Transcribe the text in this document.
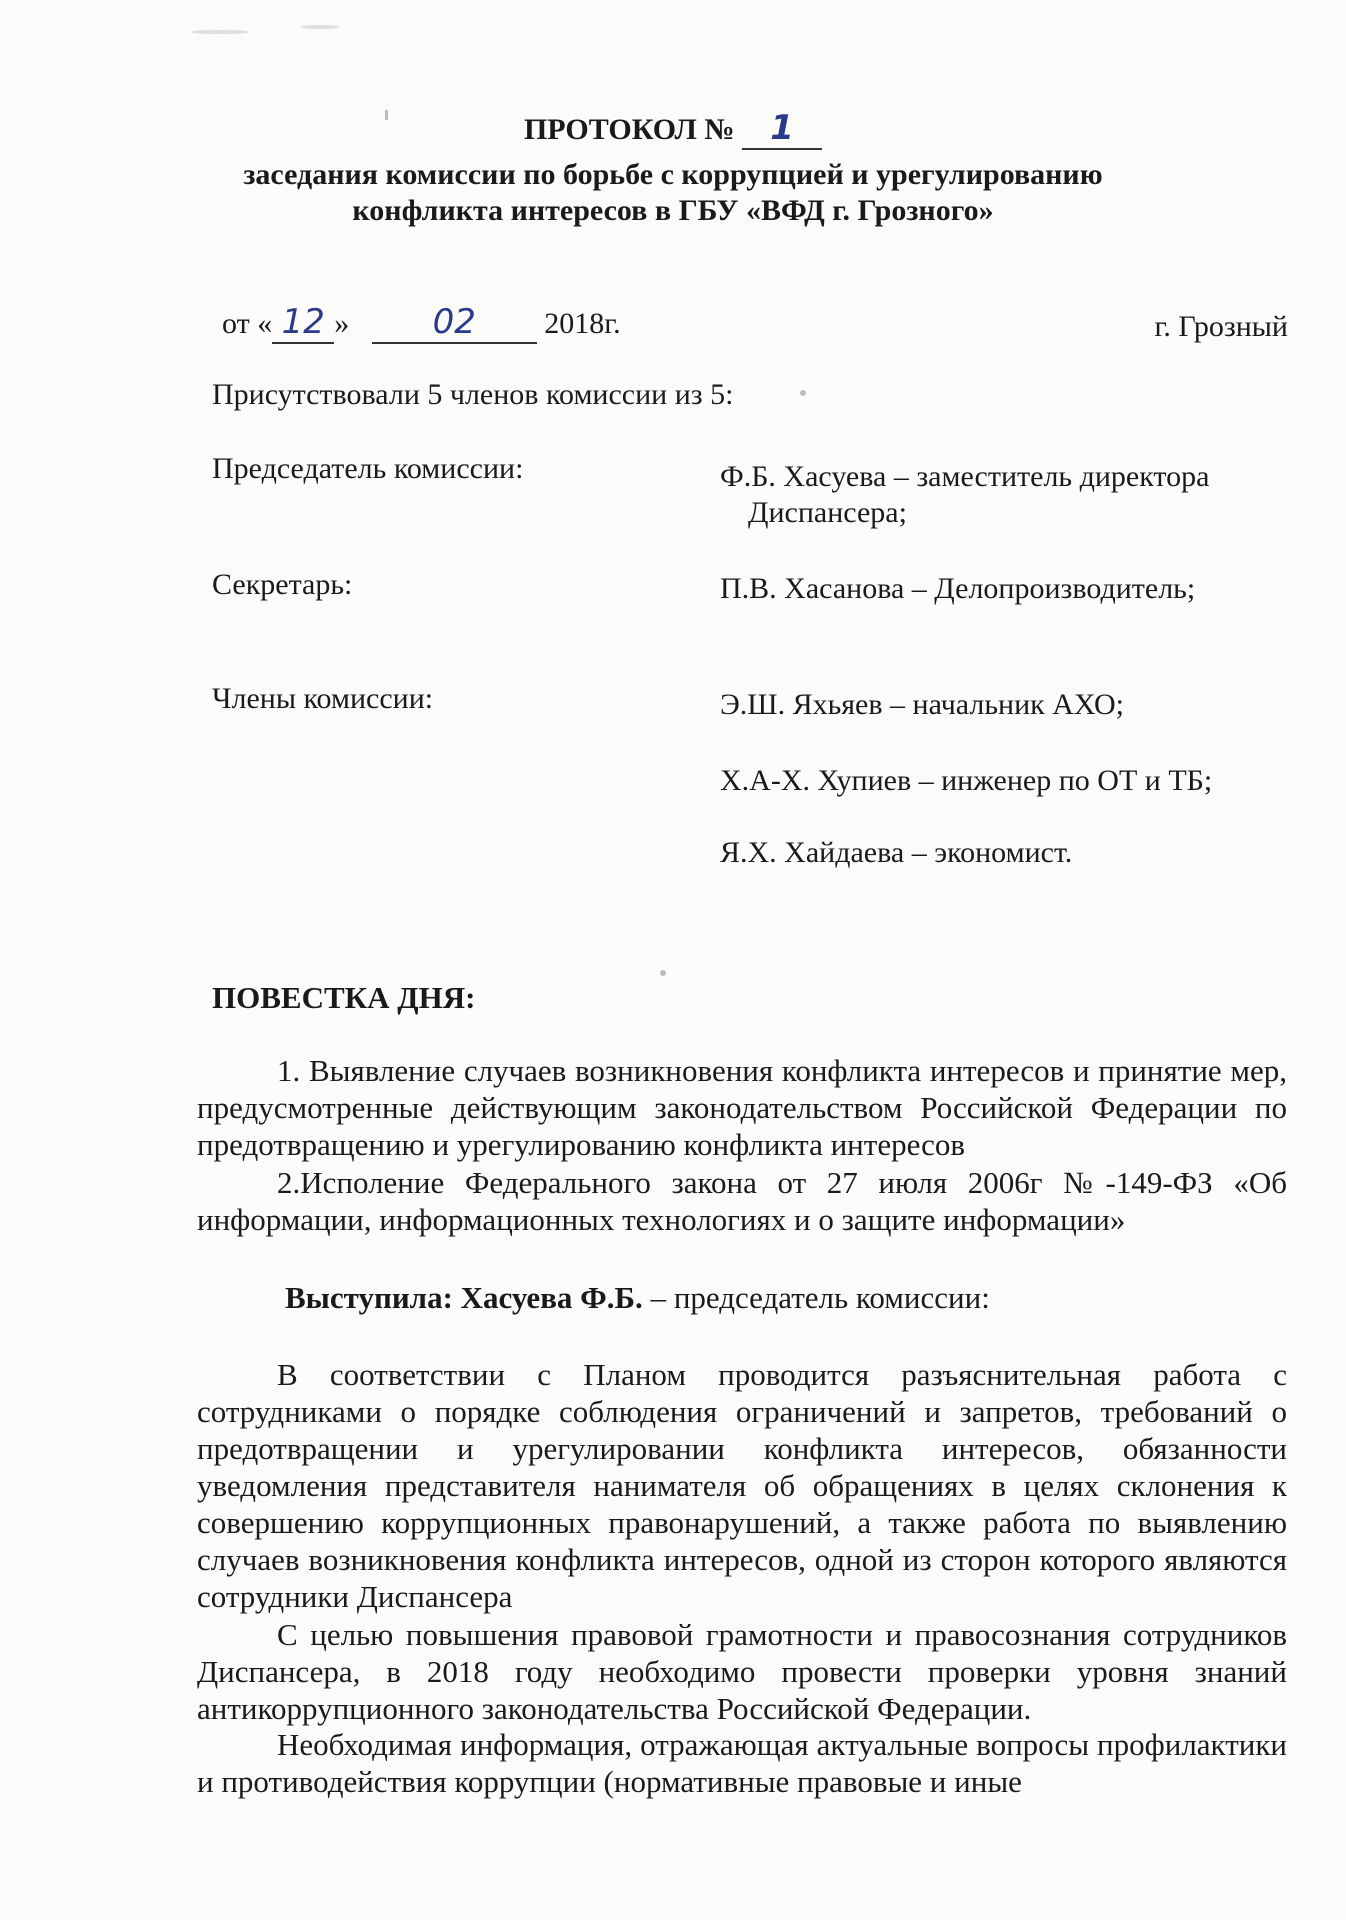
ПРОТОКОЛ № 1
заседания комиссии по борьбе с коррупцией и урегулированию
конфликта интересов в ГБУ «ВФД г. Грозного»
от « 12 » 02 2018г.	г. Грозный
Присутствовали 5 членов комиссии из 5:
Председатель комиссии:	Ф.Б. Хасуева – заместитель директора
Диспансера;
Секретарь:	П.В. Хасанова – Делопроизводитель;
Члены комиссии:	Э.Ш. Яхьяев – начальник АХО;
Х.А-Х. Хупиев – инженер по ОТ и ТБ;
Я.Х. Хайдаева – экономист.
ПОВЕСТКА ДНЯ:
1. Выявление случаев возникновения конфликта интересов и принятие мер, предусмотренные действующим законодательством Российской Федерации по предотвращению и урегулированию конфликта интересов
2.Исполение Федерального закона от 27 июля 2006г №-149-ФЗ «Об информации, информационных технологиях и о защите информации»
Выступила: Хасуева Ф.Б. – председатель комиссии:
В соответствии с Планом проводится разъяснительная работа с сотрудниками о порядке соблюдения ограничений и запретов, требований о предотвращении и урегулировании конфликта интересов, обязанности уведомления представителя нанимателя об обращениях в целях склонения к совершению коррупционных правонарушений, а также работа по выявлению случаев возникновения конфликта интересов, одной из сторон которого являются сотрудники Диспансера
С целью повышения правовой грамотности и правосознания сотрудников Диспансера, в 2018 году необходимо провести проверки уровня знаний антикоррупционного законодательства Российской Федерации.
Необходимая информация, отражающая актуальные вопросы профилактики и противодействия коррупции (нормативные правовые и иные
